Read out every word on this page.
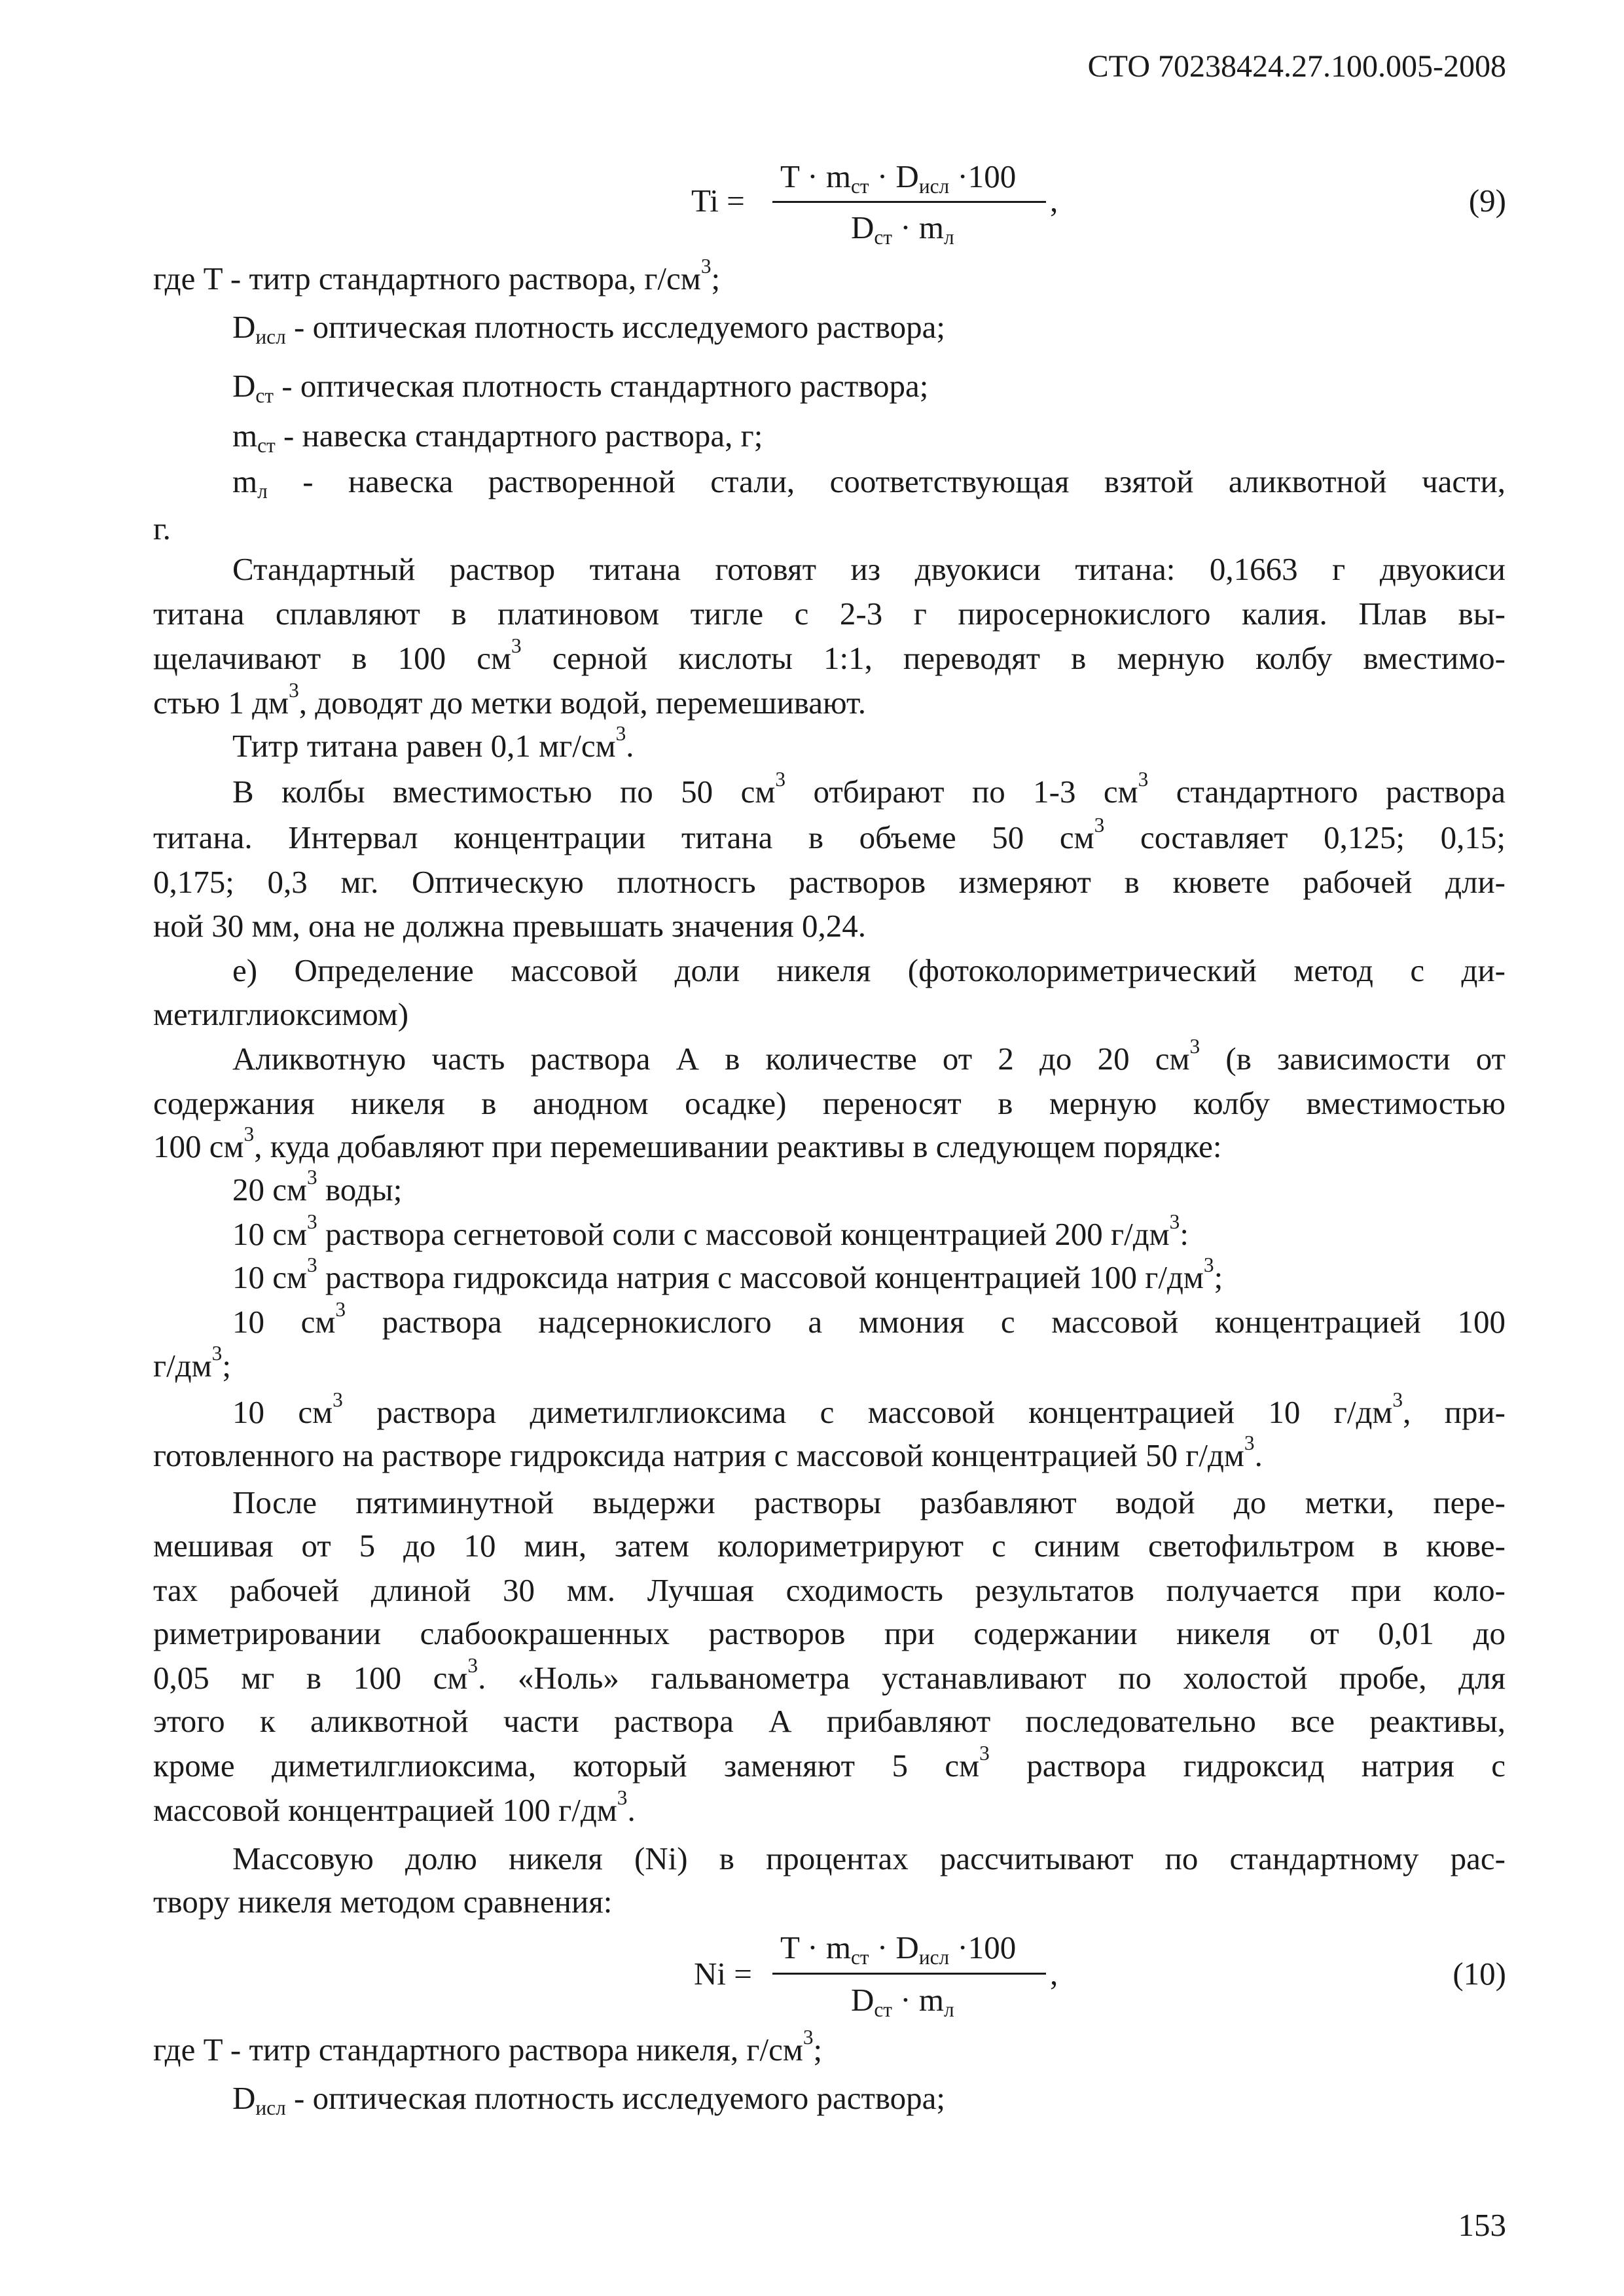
СТО 70238424.27.100.005-2008
Ti =
T · mст · Dисл ·100
Dст · mл
,	(9)
где T - титр стандартного раствора, $г/см^3$;
Dисл - оптическая плотность исследуемого раствора;
Dст - оптическая плотность стандартного раствора;
mст - навеска стандартного раствора, г;
mл - навеска растворенной стали, соответствующая взятой аликвотной части,
г.
Стандартный раствор титана готовят из двуокиси титана: 0,1663 г двуокиси
титана сплавляют в платиновом тигле с 2-3 г пиросернокислого калия. Плав вы-
щелачивают в 100 $см^3$ серной кислоты 1:1, переводят в мерную колбу вместимо-
стью 1 $дм^3$, доводят до метки водой, перемешивают.
Титр титана равен 0,1 $мг/см^3$.
В колбы вместимостью по 50 $см^3$ отбирают по 1-3 $см^3$ стандартного раствора
титана. Интервал концентрации титана в объеме 50 $см^3$ составляет 0,125; 0,15;
0,175; 0,3 мг. Оптическую плотносгь растворов измеряют в кювете рабочей дли-
ной 30 мм, она не должна превышать значения 0,24.
е) Определение массовой доли никеля (фотоколориметрический метод с ди-
метилглиоксимом)
Аликвотную часть раствора А в количестве от 2 до 20 $см^3$ (в зависимости от
содержания никеля в анодном осадке) переносят в мерную колбу вместимостью
100 $см^3$, куда добавляют при перемешивании реактивы в следующем порядке:
20 $см^3$ воды;
10 $см^3$ раствора сегнетовой соли с массовой концентрацией 200 $г/дм^3$:
10 $см^3$ раствора гидроксида натрия с массовой концентрацией 100 $г/дм^3$;
10 $см^3$ раствора надсернокислого а ммония с массовой концентрацией 100
$г/дм^3$;
10 $см^3$ раствора диметилглиоксима с массовой концентрацией 10 $г/дм^3$, при-
готовленного на растворе гидроксида натрия с массовой концентрацией 50 $г/дм^3$.
После пятиминутной выдержи растворы разбавляют водой до метки, пере-
мешивая от 5 до 10 мин, затем колориметрируют с синим светофильтром в кюве-
тах рабочей длиной 30 мм. Лучшая сходимость результатов получается при коло-
риметрировании слабоокрашенных растворов при содержании никеля от 0,01 до
0,05 мг в 100 $см^3$. «Ноль» гальванометра устанавливают по холостой пробе, для
этого к аликвотной части раствора А прибавляют последовательно все реактивы,
кроме диметилглиоксима, который заменяют 5 $см^3$ раствора гидроксид натрия с
массовой концентрацией 100 $г/дм^3$.
Массовую долю никеля (Ni) в процентах рассчитывают по стандартному рас-
твору никеля методом сравнения:
Ni =
T · mст · Dисл ·100
Dст · mл
,	(10)
где T - титр стандартного раствора никеля, $г/см^3$;
Dисл - оптическая плотность исследуемого раствора;
153
